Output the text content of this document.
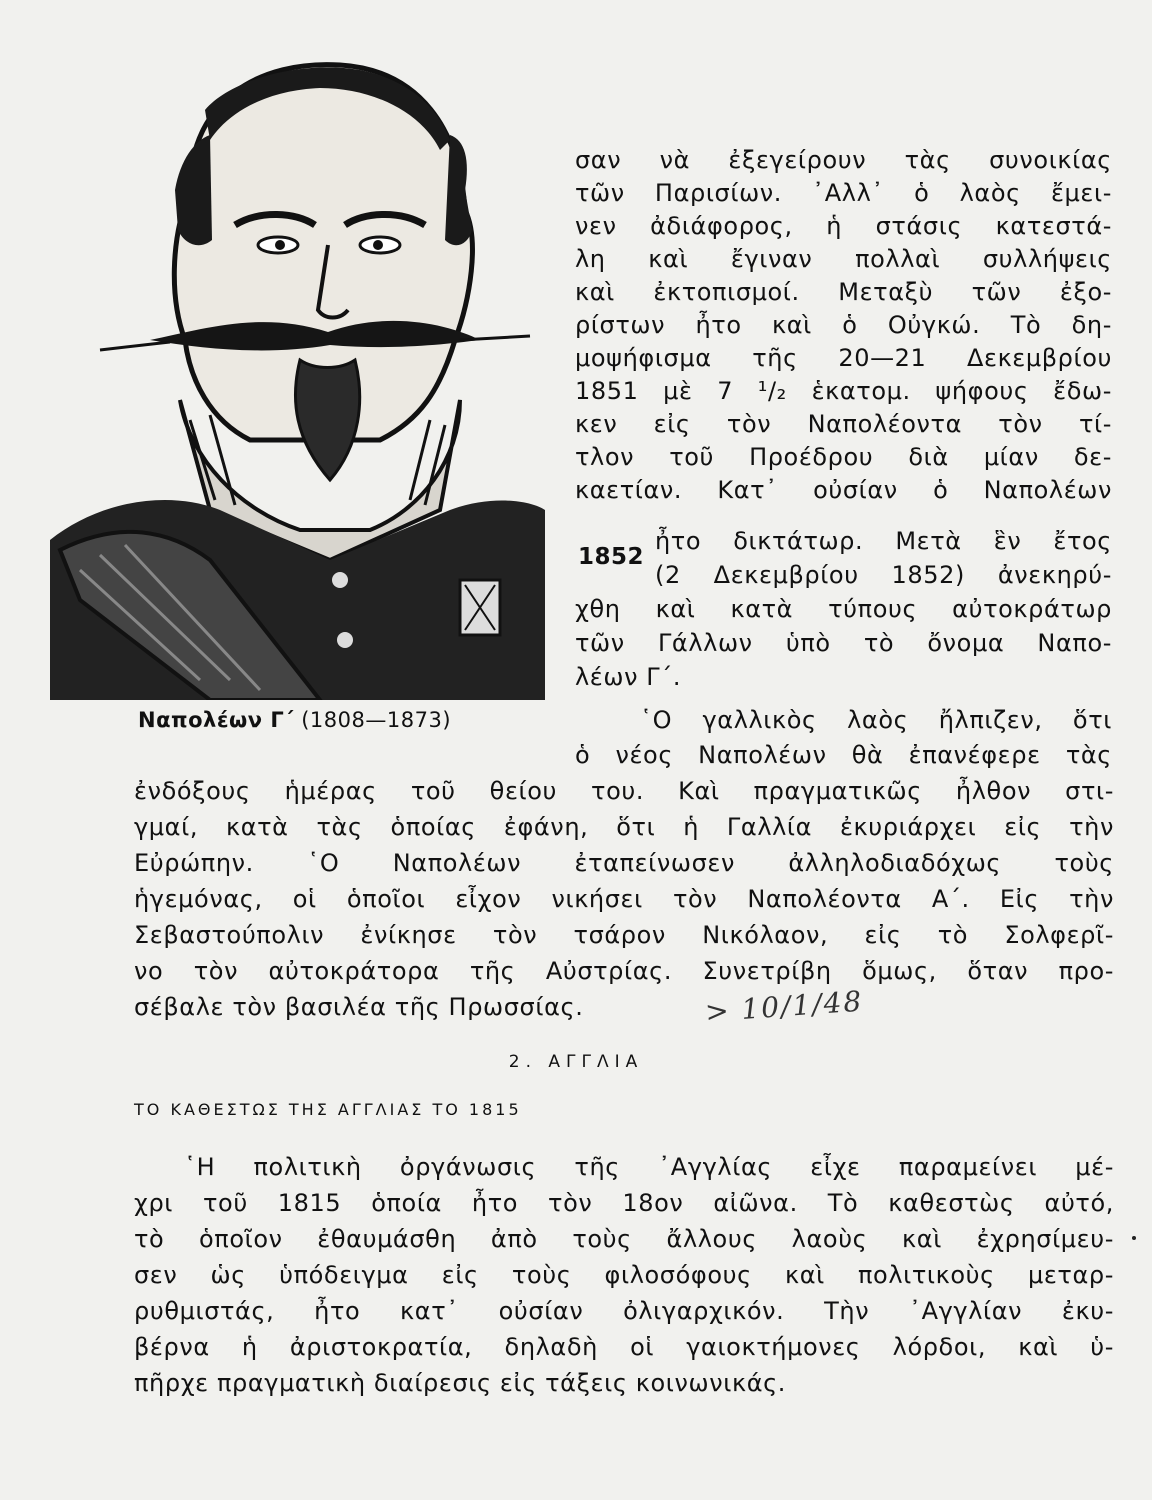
Ναπολέων Γ΄ (1808—1873)
σαν νὰ ἐξεγείρουν τὰς συνοικίας
τῶν Παρισίων. ᾿Αλλ᾿ ὁ λαὸς ἔμει-
νεν ἀδιάφορος, ἡ στάσις κατεστά-
λη καὶ ἔγιναν πολλαὶ συλλήψεις
καὶ ἐκτοπισμοί. Μεταξὺ τῶν ἐξο-
ρίστων ἦτο καὶ ὁ Οὐγκώ. Τὸ δη-
μοψήφισμα τῆς 20—21 Δεκεμβρίου
1851 μὲ 7 ¹/₂ ἑκατομ. ψήφους ἔδω-
κεν εἰς τὸν Ναπολέοντα τὸν τί-
τλον τοῦ Προέδρου διὰ μίαν δε-
καετίαν. Κατ᾿ οὐσίαν ὁ Ναπολέων
1852
ἦτο δικτάτωρ. Μετὰ ἓν ἔτος
(2 Δεκεμβρίου 1852) ἀνεκηρύ-
χθη καὶ κατὰ τύπους αὐτοκράτωρ
τῶν Γάλλων ὑπὸ τὸ ὄνομα Ναπο-
λέων Γ΄.
῾Ο γαλλικὸς λαὸς ἤλπιζεν, ὅτι
ὁ νέος Ναπολέων θὰ ἐπανέφερε τὰς
ἐνδόξους ἡμέρας τοῦ θείου του. Καὶ πραγματικῶς ἦλθον στι-
γμαί, κατὰ τὰς ὁποίας ἐφάνη, ὅτι ἡ Γαλλία ἐκυριάρχει εἰς τὴν
Εὐρώπην. ῾Ο Ναπολέων ἐταπείνωσεν ἀλληλοδιαδόχως τοὺς
ἡγεμόνας, οἱ ὁποῖοι εἶχον νικήσει τὸν Ναπολέοντα Α΄. Εἰς τὴν
Σεβαστούπολιν ἐνίκησε τὸν τσάρον Νικόλαον, εἰς τὸ Σολφερῖ-
νο τὸν αὐτοκράτορα τῆς Αὐστρίας. Συνετρίβη ὅμως, ὅταν προ-
σέβαλε τὸν βασιλέα τῆς Πρωσσίας.	> 10/1/48
2. ΑΓΓΛΙΑ
ΤΟ ΚΑΘΕΣΤΩΣ ΤΗΣ ΑΓΓΛΙΑΣ ΤΟ 1815
῾Η πολιτικὴ ὀργάνωσις τῆς ᾿Αγγλίας εἶχε παραμείνει μέ-
χρι τοῦ 1815 ὁποία ἦτο τὸν 18ον αἰῶνα. Τὸ καθεστὼς αὐτό,
τὸ ὁποῖον ἐθαυμάσθη ἀπὸ τοὺς ἄλλους λαοὺς καὶ ἐχρησίμευ-
σεν ὡς ὑπόδειγμα εἰς τοὺς φιλοσόφους καὶ πολιτικοὺς μεταρ-
ρυθμιστάς, ἦτο κατ᾿ οὐσίαν ὀλιγαρχικόν. Τὴν ᾿Αγγλίαν ἐκυ-
βέρνα ἡ ἀριστοκρατία, δηλαδὴ οἱ γαιοκτήμονες λόρδοι, καὶ ὑ-
πῆρχε πραγματικὴ διαίρεσις εἰς τάξεις κοινωνικάς.
